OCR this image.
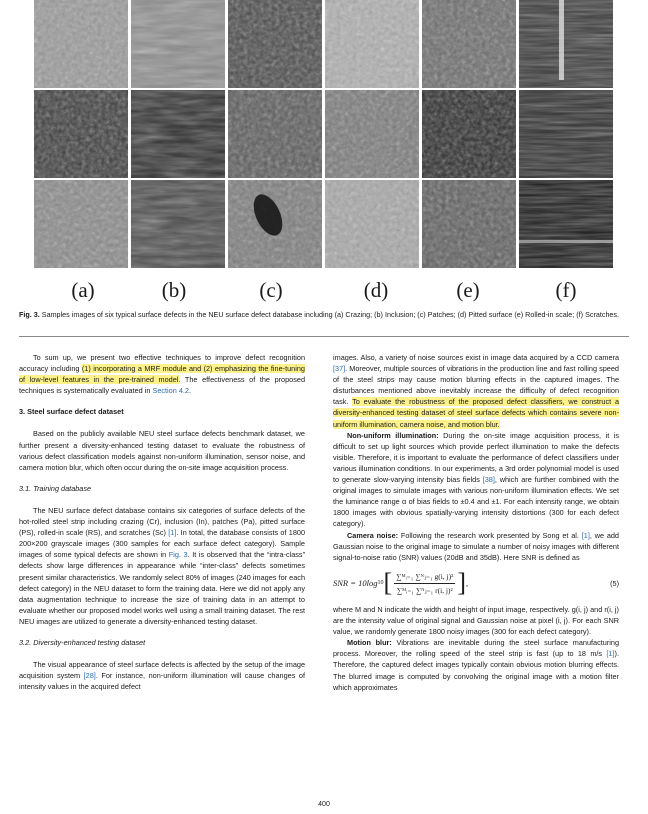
(a)	(b)	(c)	(d)	(e)	(f)
Fig. 3. Samples images of six typical surface defects in the NEU surface defect database including (a) Crazing; (b) Inclusion; (c) Patches; (d) Pitted surface (e) Rolled-in scale; (f) Scratches.

To sum up, we present two effective techniques to improve defect recognition accuracy including (1) incorporating a MRF module and (2) emphasizing the fine-tuning of low-level features in the pre-trained model. The effectiveness of the proposed techniques is systematically evaluated in Section 4.2.

3. Steel surface defect dataset

Based on the publicly available NEU steel surface defects benchmark dataset, we further present a diversity-enhanced testing dataset to evaluate the robustness of various defect classification models against non-uniform illumination, sensor noise, and camera motion blur, which often occur during the on-site image acquisition process.

3.1. Training database

The NEU surface defect database contains six categories of surface defects of the hot-rolled steel strip including crazing (Cr), inclusion (In), patches (Pa), pitted surface (PS), rolled-in scale (RS), and scratches (Sc) [1]. In total, the database consists of 1800 200×200 grayscale images (300 samples for each surface defect category). Sample images of some typical defects are shown in Fig. 3. It is observed that the “intra-class” defects show large differences in appearance while “inter-class” defects sometimes present similar characteristics. We randomly select 80% of images (240 images for each defect category) in the NEU dataset to form the training data. Here we did not apply any data augmentation technique to increase the size of training data in an attempt to evaluate whether our proposed model works well using a small training dataset. The rest NEU images are utilized to generate a diversity-enhanced testing dataset.

3.2. Diversity-enhanced testing dataset

The visual appearance of steel surface defects is affected by the setup of the image acquisition system [28]. For instance, non-uniform illumination will cause changes of intensity values in the acquired defect

images. Also, a variety of noise sources exist in image data acquired by a CCD camera [37]. Moreover, multiple sources of vibrations in the production line and fast rolling speed of the steel strips may cause motion blurring effects in the captured images. The disturbances mentioned above inevitably increase the difficulty of defect recognition task. To evaluate the robustness of the proposed defect classifiers, we construct a diversity-enhanced testing dataset of steel surface defects which contains severe non-uniform illumination, camera noise, and motion blur.

Non-uniform illumination: During the on-site image acquisition process, it is difficult to set up light sources which provide perfect illumination to make the defects visible. Therefore, it is important to evaluate the performance of defect classifiers under various illumination conditions. In our experiments, a 3rd order polynomial model is used to generate slow-varying intensity bias fields [38], which are further combined with the original images to simulate images with various non-uniform illumination effects. We set the luminance range α of bias fields to ±0.4 and ±1. For each intensity range, we obtain 1800 images with obvious spatially-varying intensity distortions (300 for each defect category).

Camera noise: Following the research work presented by Song et al. [1], we add Gaussian noise to the original image to simulate a number of noisy images with different signal-to-noise ratio (SNR) values (20dB and 35dB). Here SNR is defined as

SNR = 10log 10 [ $\frac{\text{∑ᴹᵢ₌₁ ∑ᴺⱼ₌₁ g(i, j)²}}{\text{∑ᴹᵢ₌₁ ∑ᴺⱼ₌₁ r(i, j)²}}$ ] ,	(5)

where M and N indicate the width and height of input image, respectively. g(i, j) and r(i, j) are the intensity value of original signal and Gaussian noise at pixel (i, j). For each SNR value, we randomly generate 1800 noisy images (300 for each defect category).

Motion blur: Vibrations are inevitable during the steel surface manufacturing process. Moreover, the rolling speed of the steel strip is fast (up to 18 m/s [1]). Therefore, the captured defect images typically contain obvious motion blurring effects. The blurred image is computed by convolving the original image with a motion filter which approximates

400
